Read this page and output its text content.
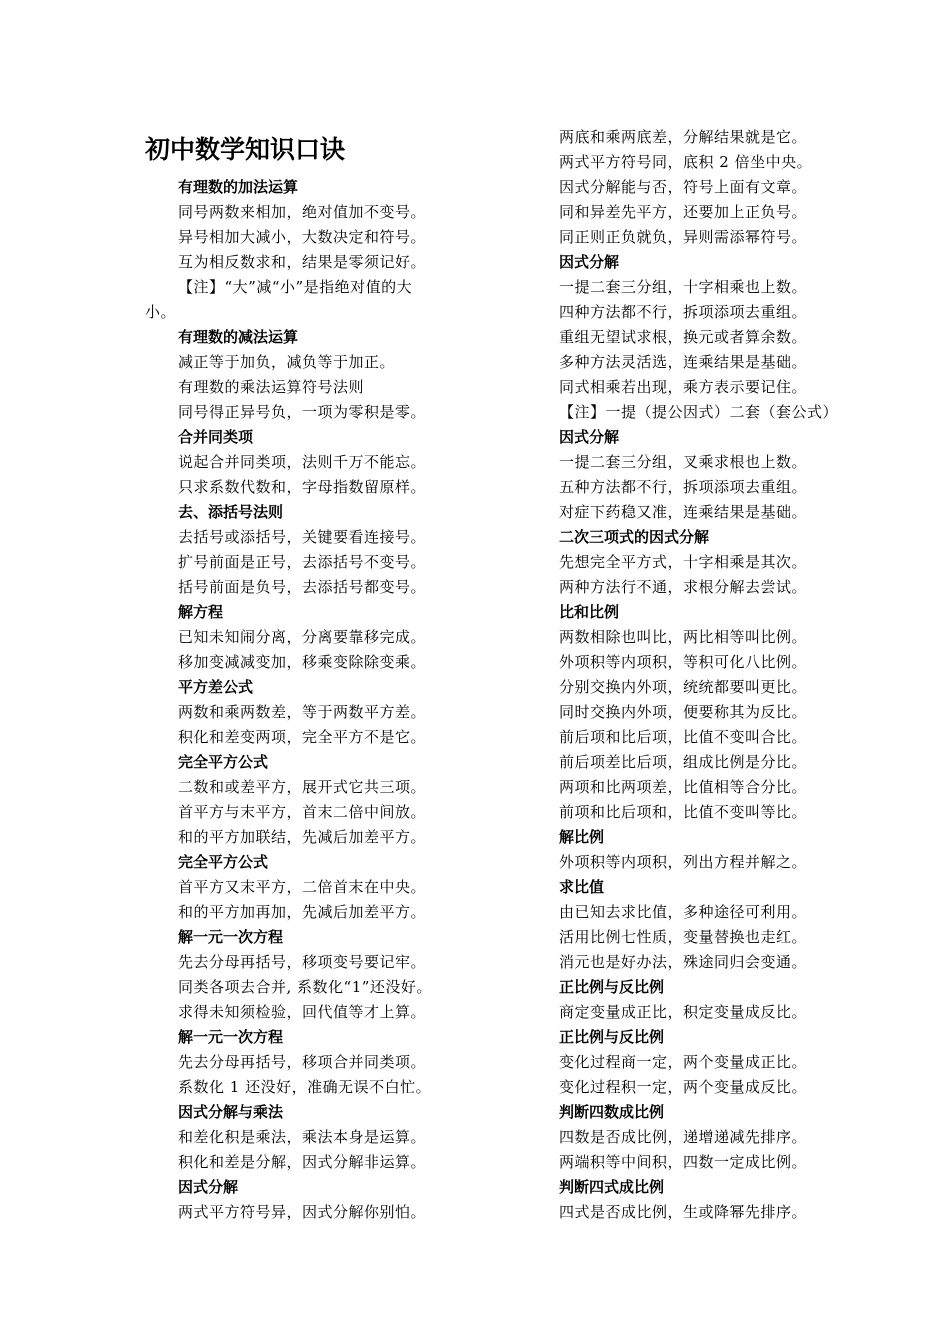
初中数学知识口诀
有理数的加法运算
同号两数来相加，绝对值加不变号。
异号相加大减小，大数决定和符号。
互为相反数求和，结果是零须记好。
【注】“大”减“小”是指绝对值的大
小。
有理数的减法运算
减正等于加负，减负等于加正。
有理数的乘法运算符号法则
同号得正异号负，一项为零积是零。
合并同类项
说起合并同类项，法则千万不能忘。
只求系数代数和，字母指数留原样。
去、添括号法则
去括号或添括号，关键要看连接号。
扩号前面是正号，去添括号不变号。
括号前面是负号，去添括号都变号。
解方程
已知未知闹分离，分离要靠移完成。
移加变减减变加，移乘变除除变乘。
平方差公式
两数和乘两数差，等于两数平方差。
积化和差变两项，完全平方不是它。
完全平方公式
二数和或差平方，展开式它共三项。
首平方与末平方，首末二倍中间放。
和的平方加联结，先减后加差平方。
完全平方公式
首平方又末平方，二倍首末在中央。
和的平方加再加，先减后加差平方。
解一元一次方程
先去分母再括号，移项变号要记牢。
同类各项去合并, 系数化“1”还没好。
求得未知须检验，回代值等才上算。
解一元一次方程
先去分母再括号，移项合并同类项。
系数化 1 还没好，准确无误不白忙。
因式分解与乘法
和差化积是乘法，乘法本身是运算。
积化和差是分解，因式分解非运算。
因式分解
两式平方符号异，因式分解你别怕。
两底和乘两底差，分解结果就是它。
两式平方符号同，底积 2 倍坐中央。
因式分解能与否，符号上面有文章。
同和异差先平方，还要加上正负号。
同正则正负就负，异则需添幂符号。
因式分解
一提二套三分组，十字相乘也上数。
四种方法都不行，拆项添项去重组。
重组无望试求根，换元或者算余数。
多种方法灵活选，连乘结果是基础。
同式相乘若出现，乘方表示要记住。
【注】一提（提公因式）二套（套公式）
因式分解
一提二套三分组，叉乘求根也上数。
五种方法都不行，拆项添项去重组。
对症下药稳又准，连乘结果是基础。
二次三项式的因式分解
先想完全平方式，十字相乘是其次。
两种方法行不通，求根分解去尝试。
比和比例
两数相除也叫比，两比相等叫比例。
外项积等内项积，等积可化八比例。
分别交换内外项，统统都要叫更比。
同时交换内外项，便要称其为反比。
前后项和比后项，比值不变叫合比。
前后项差比后项，组成比例是分比。
两项和比两项差，比值相等合分比。
前项和比后项和，比值不变叫等比。
解比例
外项积等内项积，列出方程并解之。
求比值
由已知去求比值，多种途径可利用。
活用比例七性质，变量替换也走红。
消元也是好办法，殊途同归会变通。
正比例与反比例
商定变量成正比，积定变量成反比。
正比例与反比例
变化过程商一定，两个变量成正比。
变化过程积一定，两个变量成反比。
判断四数成比例
四数是否成比例，递增递减先排序。
两端积等中间积，四数一定成比例。
判断四式成比例
四式是否成比例，生或降幂先排序。
